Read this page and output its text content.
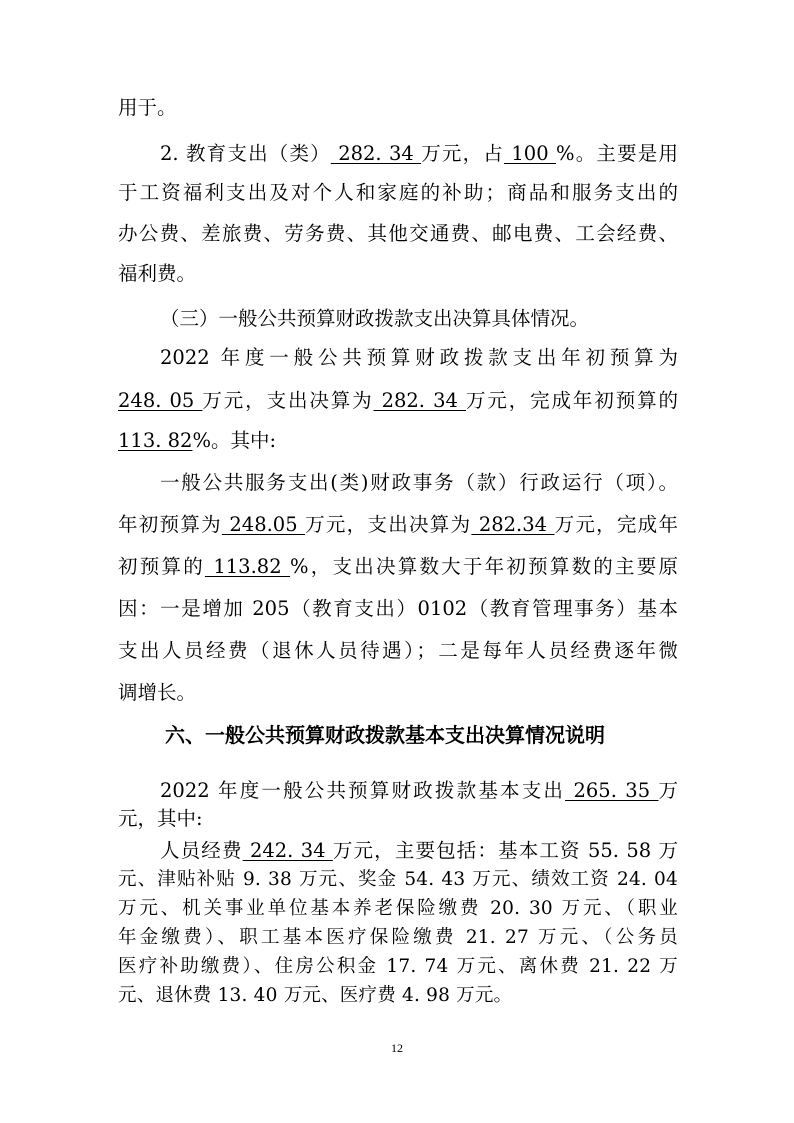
用于。
2. 教育支出（类） 282. 34 万元，占 100 %。主要是用
于工资福利支出及对个人和家庭的补助；商品和服务支出的
办公费、差旅费、劳务费、其他交通费、邮电费、工会经费、
福利费。
（三）一般公共预算财政拨款支出决算具体情况。
2022 年度一般公共预算财政拨款支出年初预算为
248. 05 万元，支出决算为 282. 34 万元，完成年初预算的
113. 82%。其中:
一般公共服务支出(类)财政事务（款）行政运行（项）。
年初预算为 248.05 万元，支出决算为 282.34 万元，完成年
初预算的 113.82 %，支出决算数大于年初预算数的主要原
因：一是增加 205（教育支出）0102（教育管理事务）基本
支出人员经费（退休人员待遇）；二是每年人员经费逐年微
调增长。
六、一般公共预算财政拨款基本支出决算情况说明
2022 年度一般公共预算财政拨款基本支出 265. 35 万
元，其中:
人员经费 242. 34 万元，主要包括：基本工资 55. 58 万
元、津贴补贴 9. 38 万元、奖金 54. 43 万元、绩效工资 24. 04
万元、机关事业单位基本养老保险缴费 20. 30 万元、（职业
年金缴费）、职工基本医疗保险缴费 21. 27 万元、（公务员
医疗补助缴费）、住房公积金 17. 74 万元、离休费 21. 22 万
元、退休费 13. 40 万元、医疗费 4. 98 万元。
12
